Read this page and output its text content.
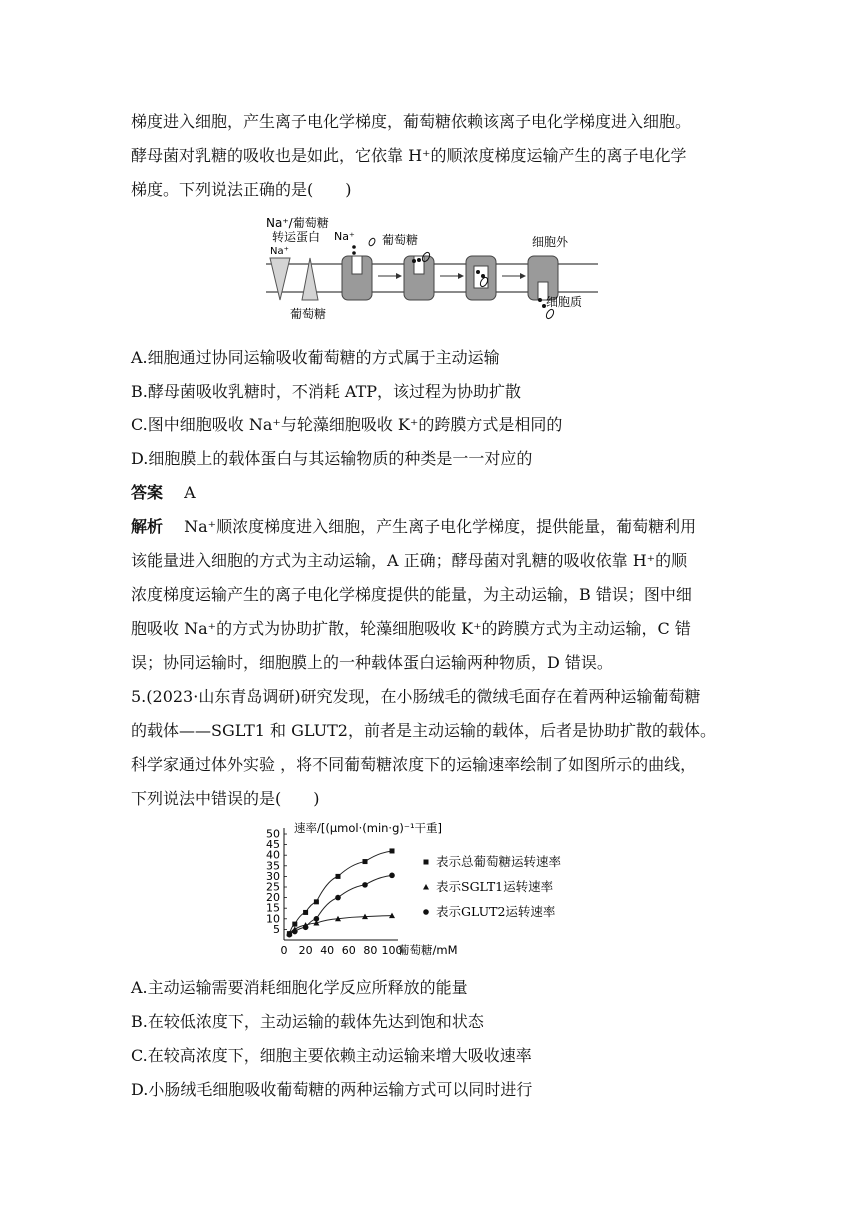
梯度进入细胞，产生离子电化学梯度，葡萄糖依赖该离子电化学梯度进入细胞。
酵母菌对乳糖的吸收也是如此，它依靠 H⁺的顺浓度梯度运输产生的离子电化学
梯度。下列说法正确的是(　　)
Na⁺/葡萄糖
转运蛋白
Na⁺
Na⁺ 葡萄糖
葡萄糖
细胞外
细胞质
A.细胞通过协同运输吸收葡萄糖的方式属于主动运输
B.酵母菌吸收乳糖时，不消耗 ATP，该过程为协助扩散
C.图中细胞吸收 Na⁺与轮藻细胞吸收 K⁺的跨膜方式是相同的
D.细胞膜上的载体蛋白与其运输物质的种类是一一对应的
答案 A
解析 Na⁺顺浓度梯度进入细胞，产生离子电化学梯度，提供能量，葡萄糖利用
该能量进入细胞的方式为主动运输，A 正确；酵母菌对乳糖的吸收依靠 H⁺的顺
浓度梯度运输产生的离子电化学梯度提供的能量，为主动运输，B 错误；图中细
胞吸收 Na⁺的方式为协助扩散，轮藻细胞吸收 K⁺的跨膜方式为主动运输，C 错
误；协同运输时，细胞膜上的一种载体蛋白运输两种物质，D 错误。
5.(2023·山东青岛调研)研究发现，在小肠绒毛的微绒毛面存在着两种运输葡萄糖
的载体——SGLT1 和 GLUT2，前者是主动运输的载体，后者是协助扩散的载体。
科学家通过体外实验 ，将不同葡萄糖浓度下的运输速率绘制了如图所示的曲线，
下列说法中错误的是(　　)
0 20 40 60 80 100
5
10
15
20
25
30
35
40
45
50 速率/[(μmol·(min·g)⁻¹干重]
葡萄糖/mM
表示总葡萄糖运转速率
表示SGLT1运转速率
表示GLUT2运转速率
A.主动运输需要消耗细胞化学反应所释放的能量
B.在较低浓度下，主动运输的载体先达到饱和状态
C.在较高浓度下，细胞主要依赖主动运输来增大吸收速率
D.小肠绒毛细胞吸收葡萄糖的两种运输方式可以同时进行
